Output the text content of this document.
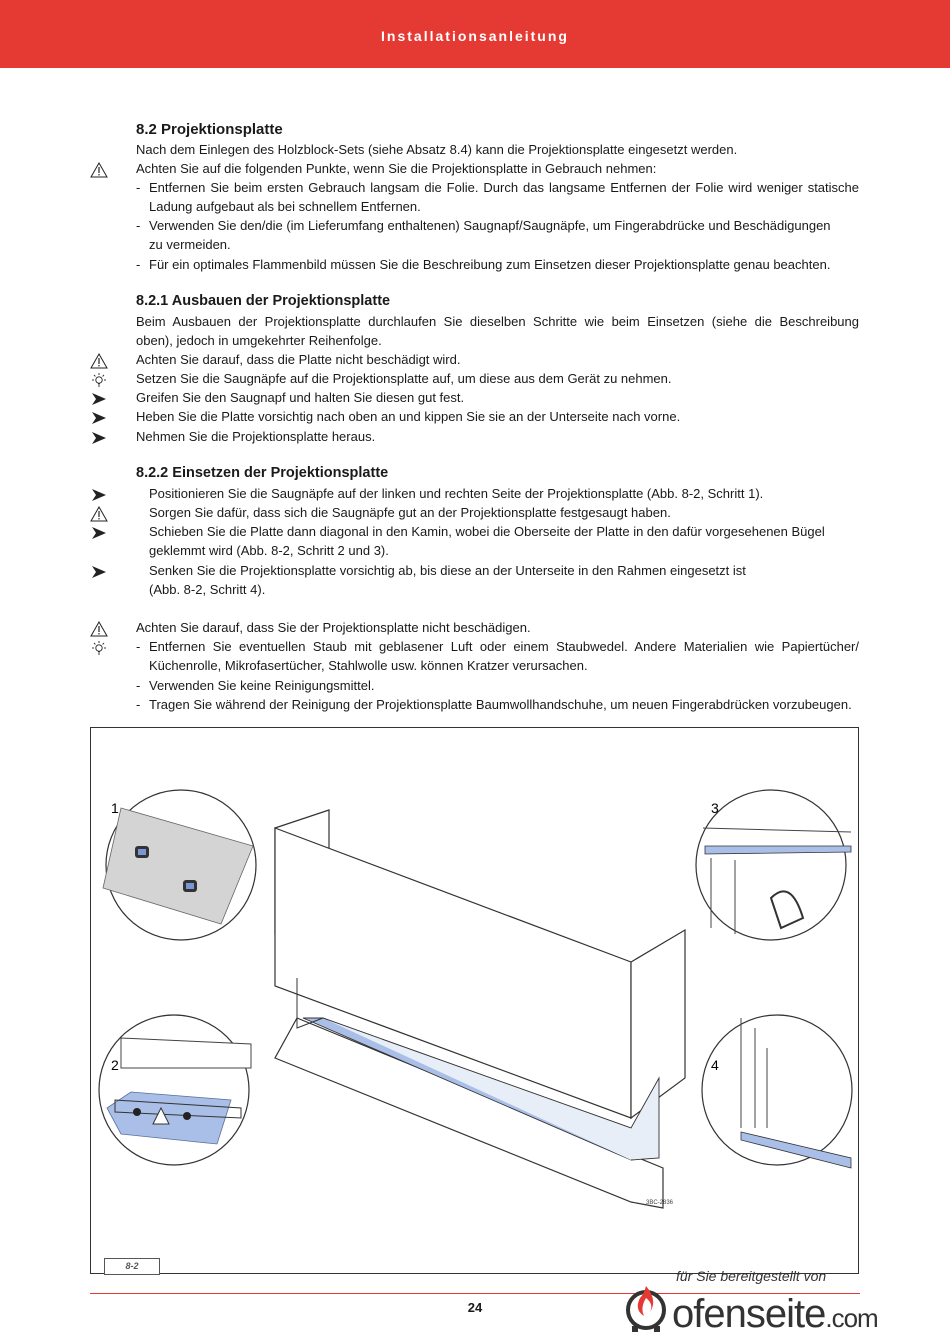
Installationsanleitung
8.2 Projektionsplatte
Nach dem Einlegen des Holzblock-Sets (siehe Absatz 8.4) kann die Projektionsplatte eingesetzt werden.
Achten Sie auf die folgenden Punkte, wenn Sie die Projektionsplatte in Gebrauch nehmen:
- Entfernen Sie beim ersten Gebrauch langsam die Folie. Durch das langsame Entfernen der Folie wird weniger statische
Ladung aufgebaut als bei schnellem Entfernen.
- Verwenden Sie den/die (im Lieferumfang enthaltenen) Saugnapf/Saugnäpfe, um Fingerabdrücke und Beschädigungen
zu vermeiden.
- Für ein optimales Flammenbild müssen Sie die Beschreibung zum Einsetzen dieser Projektionsplatte genau beachten.
8.2.1 Ausbauen der Projektionsplatte
Beim Ausbauen der Projektionsplatte durchlaufen Sie dieselben Schritte wie beim Einsetzen (siehe die Beschreibung
oben), jedoch in umgekehrter Reihenfolge.
Achten Sie darauf, dass die Platte nicht beschädigt wird.
Setzen Sie die Saugnäpfe auf die Projektionsplatte auf, um diese aus dem Gerät zu nehmen.
Greifen Sie den Saugnapf und halten Sie diesen gut fest.
Heben Sie die Platte vorsichtig nach oben an und kippen Sie sie an der Unterseite nach vorne.
Nehmen Sie die Projektionsplatte heraus.
8.2.2 Einsetzen der Projektionsplatte
Positionieren Sie die Saugnäpfe auf der linken und rechten Seite der Projektionsplatte (Abb. 8-2, Schritt 1).
Sorgen Sie dafür, dass sich die Saugnäpfe gut an der Projektionsplatte festgesaugt haben.
Schieben Sie die Platte dann diagonal in den Kamin, wobei die Oberseite der Platte in den dafür vorgesehenen Bügel
geklemmt wird (Abb. 8-2, Schritt 2 und 3).
Senken Sie die Projektionsplatte vorsichtig ab, bis diese an der Unterseite in den Rahmen eingesetzt ist
(Abb. 8-2, Schritt 4).
Achten Sie darauf, dass Sie der Projektionsplatte nicht beschädigen.
- Entfernen Sie eventuellen Staub mit geblasener Luft oder einem Staubwedel. Andere Materialien wie Papiertücher/
Küchenrolle, Mikrofasertücher, Stahlwolle usw. können Kratzer verursachen.
- Verwenden Sie keine Reinigungsmittel.
- Tragen Sie während der Reinigung der Projektionsplatte Baumwollhandschuhe, um neuen Fingerabdrücken vorzubeugen.
1
2
3
4
3BC-2836
8-2
24
für Sie bereitgestellt von
ofenseite.com
